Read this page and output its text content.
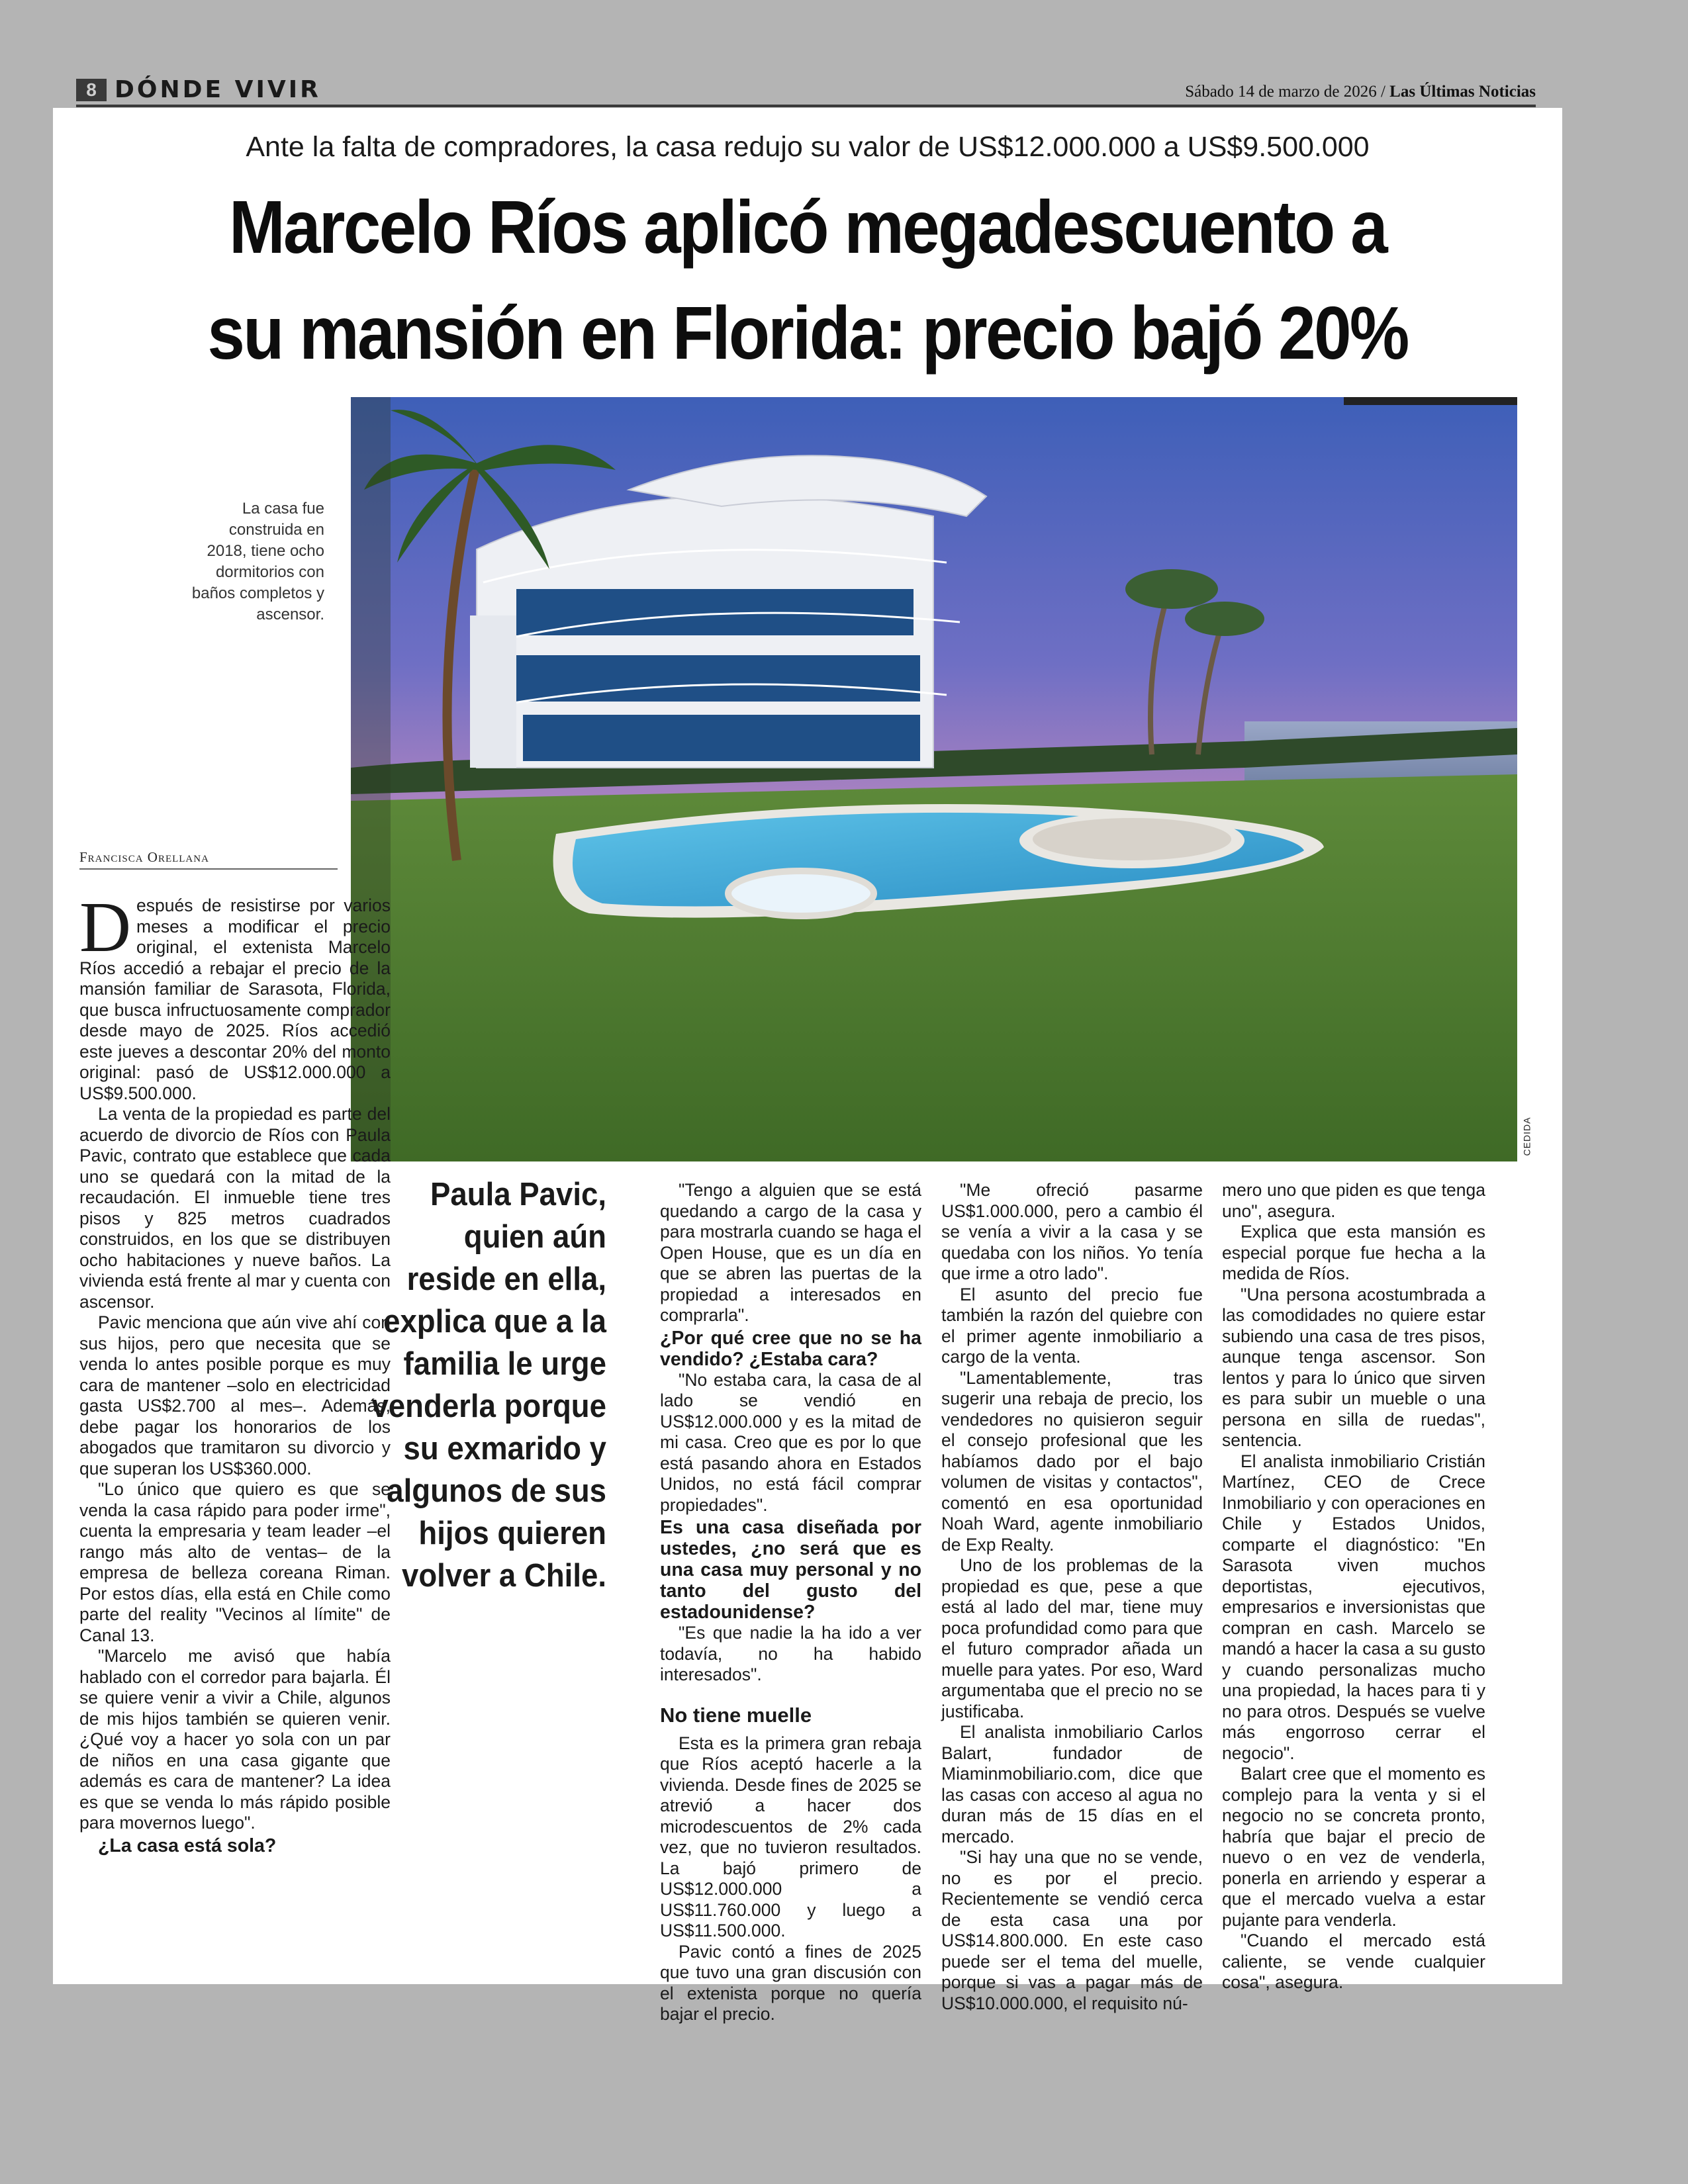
8 DÓNDE VIVIR	Sábado 14 de marzo de 2026 / Las Últimas Noticias
Ante la falta de compradores, la casa redujo su valor de US$12.000.000 a US$9.500.000
Marcelo Ríos aplicó megadescuento a
su mansión en Florida: precio bajó 20%
La casa fue construida en 2018, tiene ocho dormitorios con baños completos y ascensor.
CEDIDA
Francisca Orellana

Después de resistirse por varios meses a modificar el precio original, el extenista Marcelo Ríos accedió a rebajar el precio de la mansión familiar de Sarasota, Florida, que busca infructuosamente comprador desde mayo de 2025. Ríos accedió este jueves a descontar 20% del monto original: pasó de US$12.000.000 a US$9.500.000.

La venta de la propiedad es parte del acuerdo de divorcio de Ríos con Paula Pavic, contrato que establece que cada uno se quedará con la mitad de la recaudación. El inmueble tiene tres pisos y 825 metros cuadrados construidos, en los que se distribuyen ocho habitaciones y nueve baños. La vivienda está frente al mar y cuenta con ascensor.

Pavic menciona que aún vive ahí con sus hijos, pero que necesita que se venda lo antes posible porque es muy cara de mantener –solo en electricidad gasta US$2.700 al mes–. Además, debe pagar los honorarios de los abogados que tramitaron su divorcio y que superan los US$360.000.

"Lo único que quiero es que se venda la casa rápido para poder irme", cuenta la empresaria y team leader –el rango más alto de ventas– de la empresa de belleza coreana Riman. Por estos días, ella está en Chile como parte del reality "Vecinos al límite" de Canal 13.

"Marcelo me avisó que había hablado con el corredor para bajarla. Él se quiere venir a vivir a Chile, algunos de mis hijos también se quieren venir. ¿Qué voy a hacer yo sola con un par de niños en una casa gigante que además es cara de mantener? La idea es que se venda lo más rápido posible para movernos luego".

¿La casa está sola?

Paula Pavic, quien aún reside en ella, explica que a la familia le urge venderla porque su exmarido y algunos de sus hijos quieren volver a Chile.

"Tengo a alguien que se está quedando a cargo de la casa y para mostrarla cuando se haga el Open House, que es un día en que se abren las puertas de la propiedad a interesados en comprarla".

¿Por qué cree que no se ha vendido? ¿Estaba cara?

"No estaba cara, la casa de al lado se vendió en US$12.000.000 y es la mitad de mi casa. Creo que es por lo que está pasando ahora en Estados Unidos, no está fácil comprar propiedades".

Es una casa diseñada por ustedes, ¿no será que es una casa muy personal y no tanto del gusto del estadounidense?

"Es que nadie la ha ido a ver todavía, no ha habido interesados".

No tiene muelle

Esta es la primera gran rebaja que Ríos aceptó hacerle a la vivienda. Desde fines de 2025 se atrevió a hacer dos microdescuentos de 2% cada vez, que no tuvieron resultados. La bajó primero de US$12.000.000 a US$11.760.000 y luego a US$11.500.000.

Pavic contó a fines de 2025 que tuvo una gran discusión con el extenista porque no quería bajar el precio.

"Me ofreció pasarme US$1.000.000, pero a cambio él se venía a vivir a la casa y se quedaba con los niños. Yo tenía que irme a otro lado".

El asunto del precio fue también la razón del quiebre con el primer agente inmobiliario a cargo de la venta.

"Lamentablemente, tras sugerir una rebaja de precio, los vendedores no quisieron seguir el consejo profesional que les habíamos dado por el bajo volumen de visitas y contactos", comentó en esa oportunidad Noah Ward, agente inmobiliario de Exp Realty.

Uno de los problemas de la propiedad es que, pese a que está al lado del mar, tiene muy poca profundidad como para que el futuro comprador añada un muelle para yates. Por eso, Ward argumentaba que el precio no se justificaba.

El analista inmobiliario Carlos Balart, fundador de Miaminmobiliario.com, dice que las casas con acceso al agua no duran más de 15 días en el mercado.

"Si hay una que no se vende, no es por el precio. Recientemente se vendió cerca de esta casa una por US$14.800.000. En este caso puede ser el tema del muelle, porque si vas a pagar más de US$10.000.000, el requisito nú-

mero uno que piden es que tenga uno", asegura.

Explica que esta mansión es especial porque fue hecha a la medida de Ríos.

"Una persona acostumbrada a las comodidades no quiere estar subiendo una casa de tres pisos, aunque tenga ascensor. Son lentos y para lo único que sirven es para subir un mueble o una persona en silla de ruedas", sentencia.

El analista inmobiliario Cristián Martínez, CEO de Crece Inmobiliario y con operaciones en Chile y Estados Unidos, comparte el diagnóstico: "En Sarasota viven muchos deportistas, ejecutivos, empresarios e inversionistas que compran en cash. Marcelo se mandó a hacer la casa a su gusto y cuando personalizas mucho una propiedad, la haces para ti y no para otros. Después se vuelve más engorroso cerrar el negocio".

Balart cree que el momento es complejo para la venta y si el negocio no se concreta pronto, habría que bajar el precio de nuevo o en vez de venderla, ponerla en arriendo y esperar a que el mercado vuelva a estar pujante para venderla.

"Cuando el mercado está caliente, se vende cualquier cosa", asegura.
